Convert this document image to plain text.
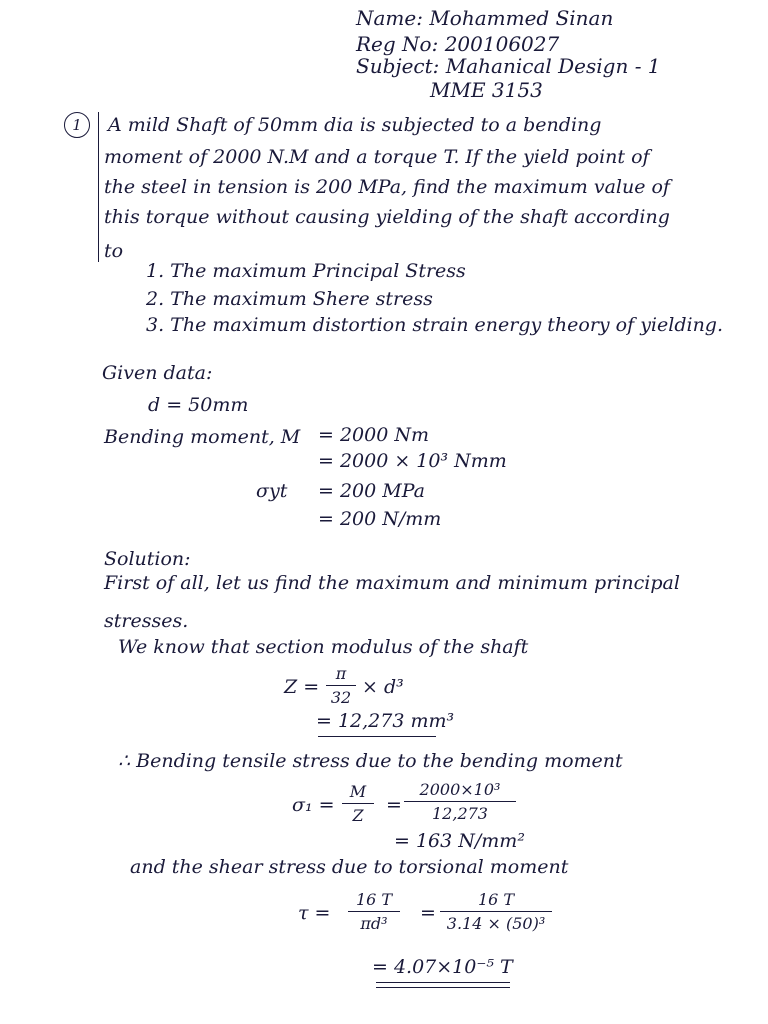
Name: Mohammed Sinan
Reg No: 200106027
Subject: Mahanical Design - 1
MME 3153
1	A mild Shaft of 50mm dia is subjected to a bending
moment of 2000 N.M and a torque T. If the yield point of
the steel in tension is 200 MPa, find the maximum value of
this torque without causing yielding of the shaft according
to
1. The maximum Principal Stress
2. The maximum Shere stress
3. The maximum distortion strain energy theory of yielding.
Given data:
d = 50mm
Bending moment, M = 2000 Nm
= 2000 × 10³ Nmm
σyt = 200 MPa
= 200 N/mm
Solution:
First of all, let us find the maximum and minimum principal
stresses.
We know that section modulus of the shaft
Z =
π
32 × d³
= 12,273 mm³
∴ Bending tensile stress due to the bending moment
σ₁ =
M
Z	=
2000×10³
12,273
= 163 N/mm²
and the shear stress due to torsional moment
τ =
16 T
πd³	=
16 T
3.14 × (50)³
= 4.07×10⁻⁵ T
